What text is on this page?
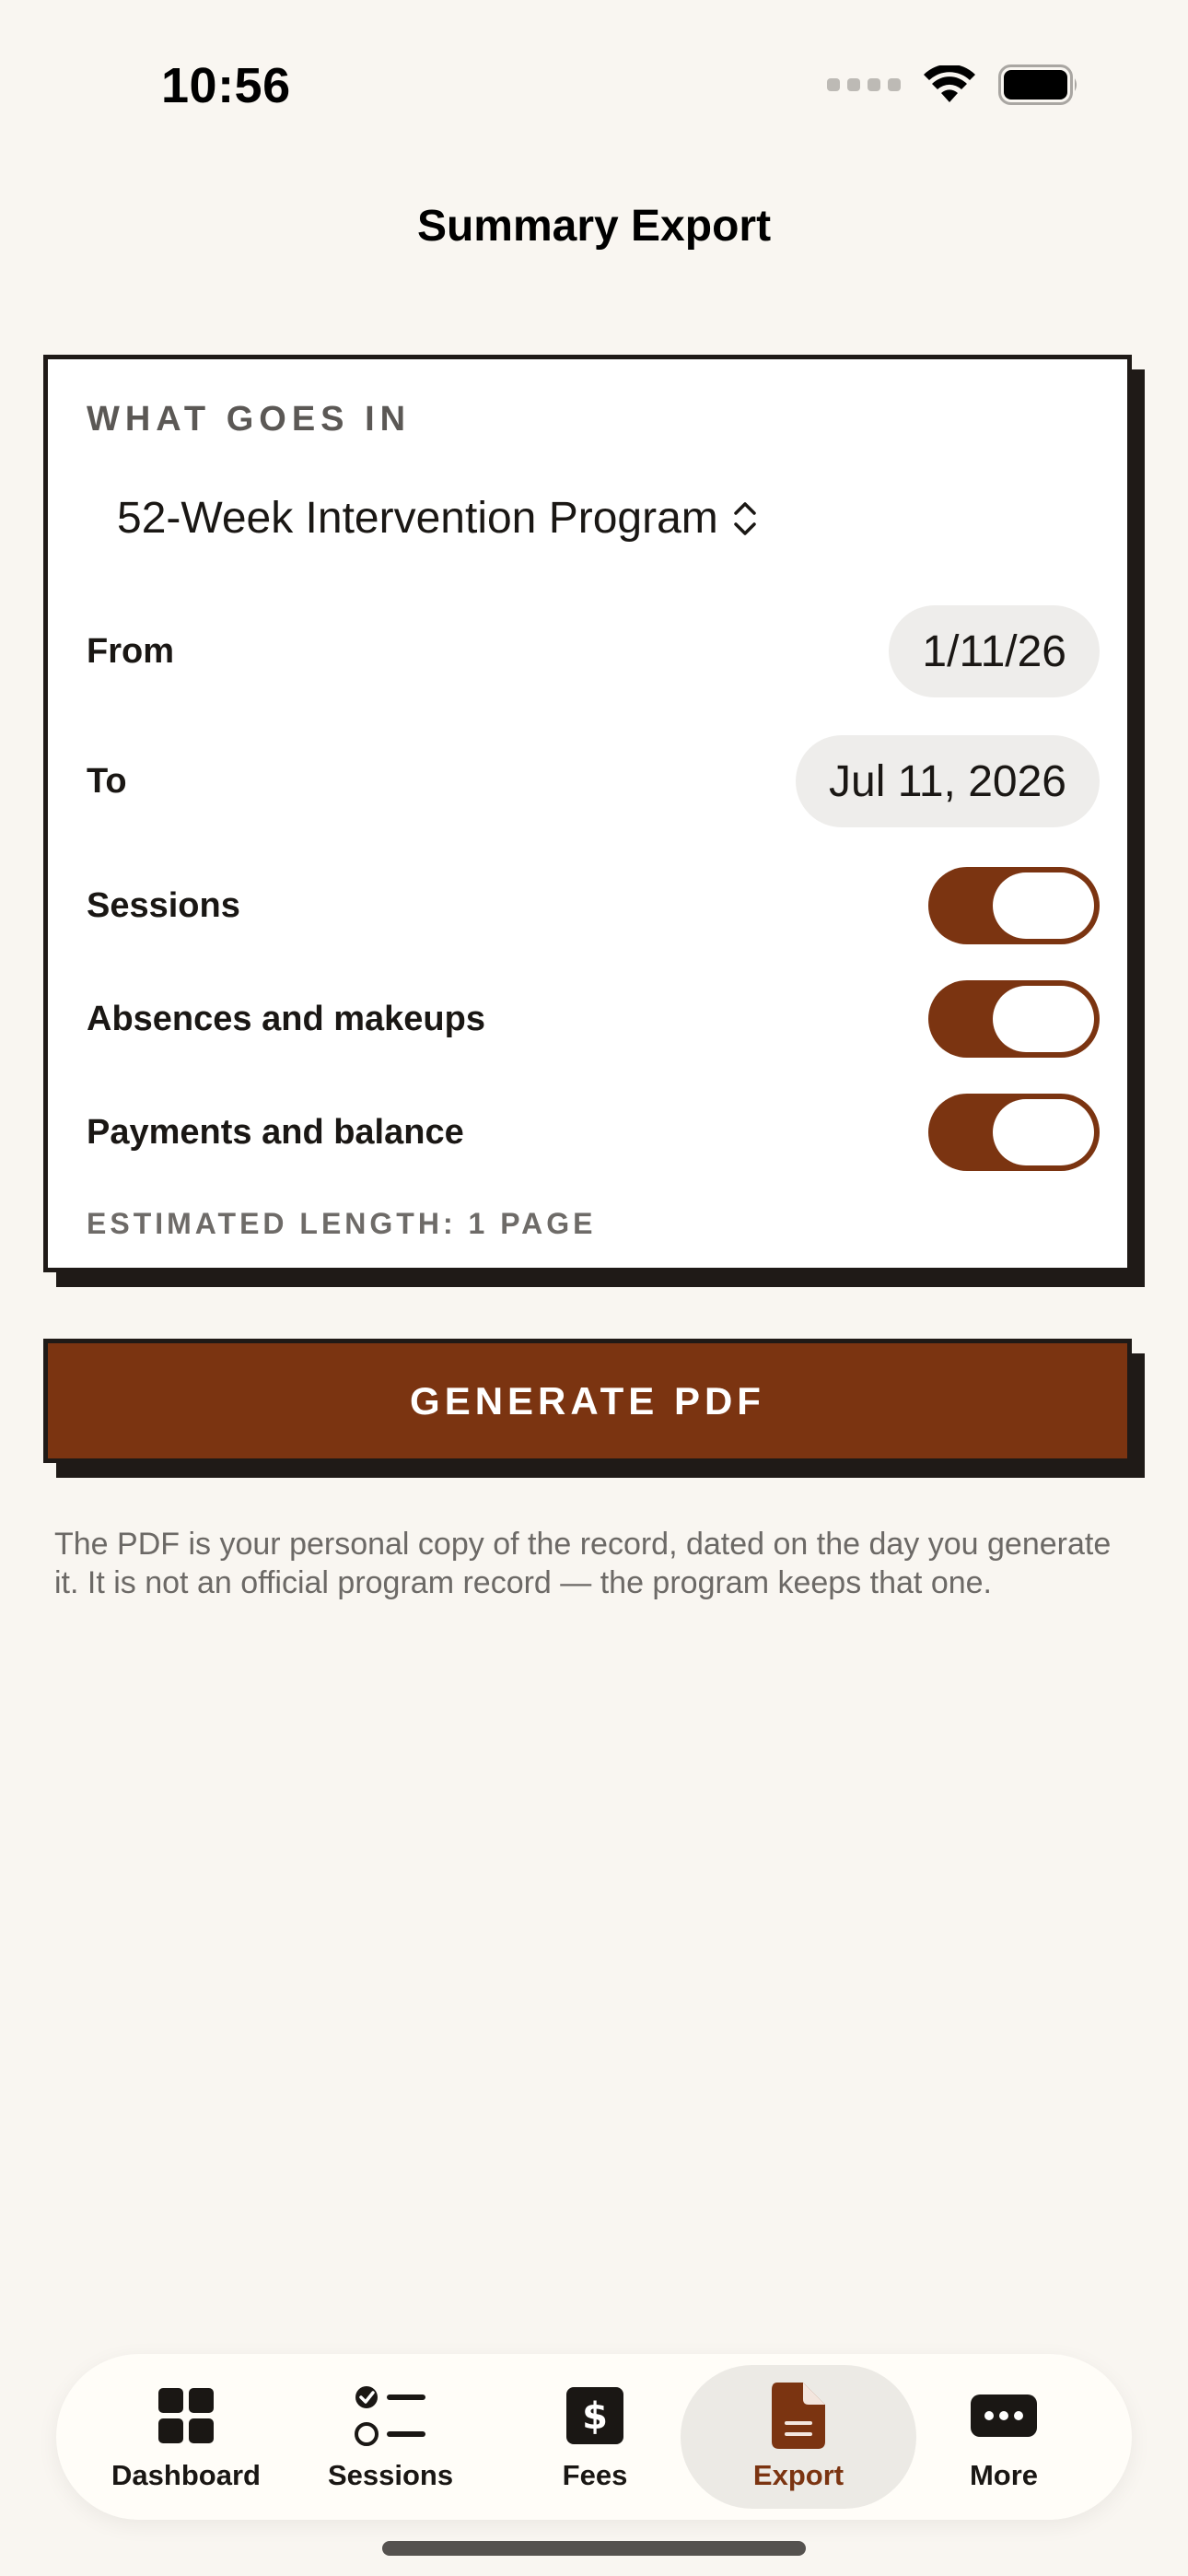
10:56
Summary Export
WHAT GOES IN
52-Week Intervention Program
From	1/11/26
To	Jul 11, 2026
Sessions
Absences and makeups
Payments and balance
ESTIMATED LENGTH: 1 PAGE
GENERATE PDF

The PDF is your personal copy of the record, dated on the day you generate it. It is not an official program record — the program keeps that one.

Dashboard Sessions
$
Fees	Export	More
